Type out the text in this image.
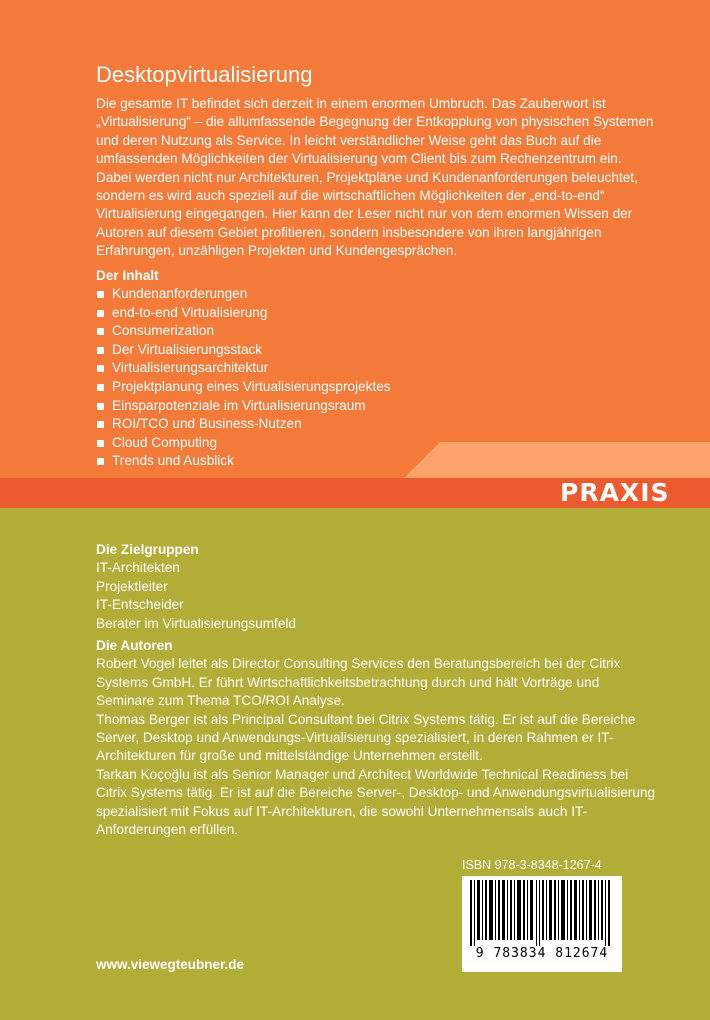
PRAXIS
Desktopvirtualisierung

Die gesamte IT befindet sich derzeit in einem enormen Umbruch. Das Zauberwort ist „Virtualisierung“ – die allumfassende Begegnung der Entkopplung von physischen Systemen und deren Nutzung als Service. In leicht verständlicher Weise geht das Buch auf die umfassenden Möglichkeiten der Virtualisierung vom Client bis zum Rechenzentrum ein. Dabei werden nicht nur Architekturen, Projektpläne und Kundenanforderungen beleuchtet, sondern es wird auch speziell auf die wirtschaftlichen Möglichkeiten der „end-to-end“ Virtualisierung eingegangen. Hier kann der Leser nicht nur von dem enormen Wissen der Autoren auf diesem Gebiet profitieren, sondern insbesondere von ihren langjährigen Erfahrungen, unzähligen Projekten und Kundengesprächen.

Der Inhalt
Kundenanforderungen
end-to-end Virtualisierung
Consumerization
Der Virtualisierungsstack
Virtualisierungsarchitektur
Projektplanung eines Virtualisierungsprojektes
Einsparpotenziale im Virtualisierungsraum
ROI/TCO und Business-Nutzen
Cloud Computing
Trends und Ausblick
Die Zielgruppen
IT-Architekten
Projektleiter
IT-Entscheider
Berater im Virtualisierungsumfeld
Die Autoren

Robert Vogel leitet als Director Consulting Services den Beratungsbereich bei der Citrix Systems GmbH. Er führt Wirtschaftlichkeitsbetrachtung durch und hält Vorträge und Seminare zum Thema TCO/ROI Analyse.

Thomas Berger ist als Principal Consultant bei Citrix Systems tätig. Er ist auf die Bereiche Server, Desktop und Anwendungs-Virtualisierung spezialisiert, in deren Rahmen er IT-Architekturen für große und mittelständige Unternehmen erstellt.

Tarkan Koçoğlu ist als Senior Manager und Architect Worldwide Technical Readiness bei Citrix Systems tätig. Er ist auf die Bereiche Server-, Desktop- und Anwendungsvirtualisierung spezialisiert mit Fokus auf IT-Architekturen, die sowohl Unternehmensals auch IT-Anforderungen erfüllen.

ISBN 978-3-8348-1267-4
9 783834 812674
www.viewegteubner.de
